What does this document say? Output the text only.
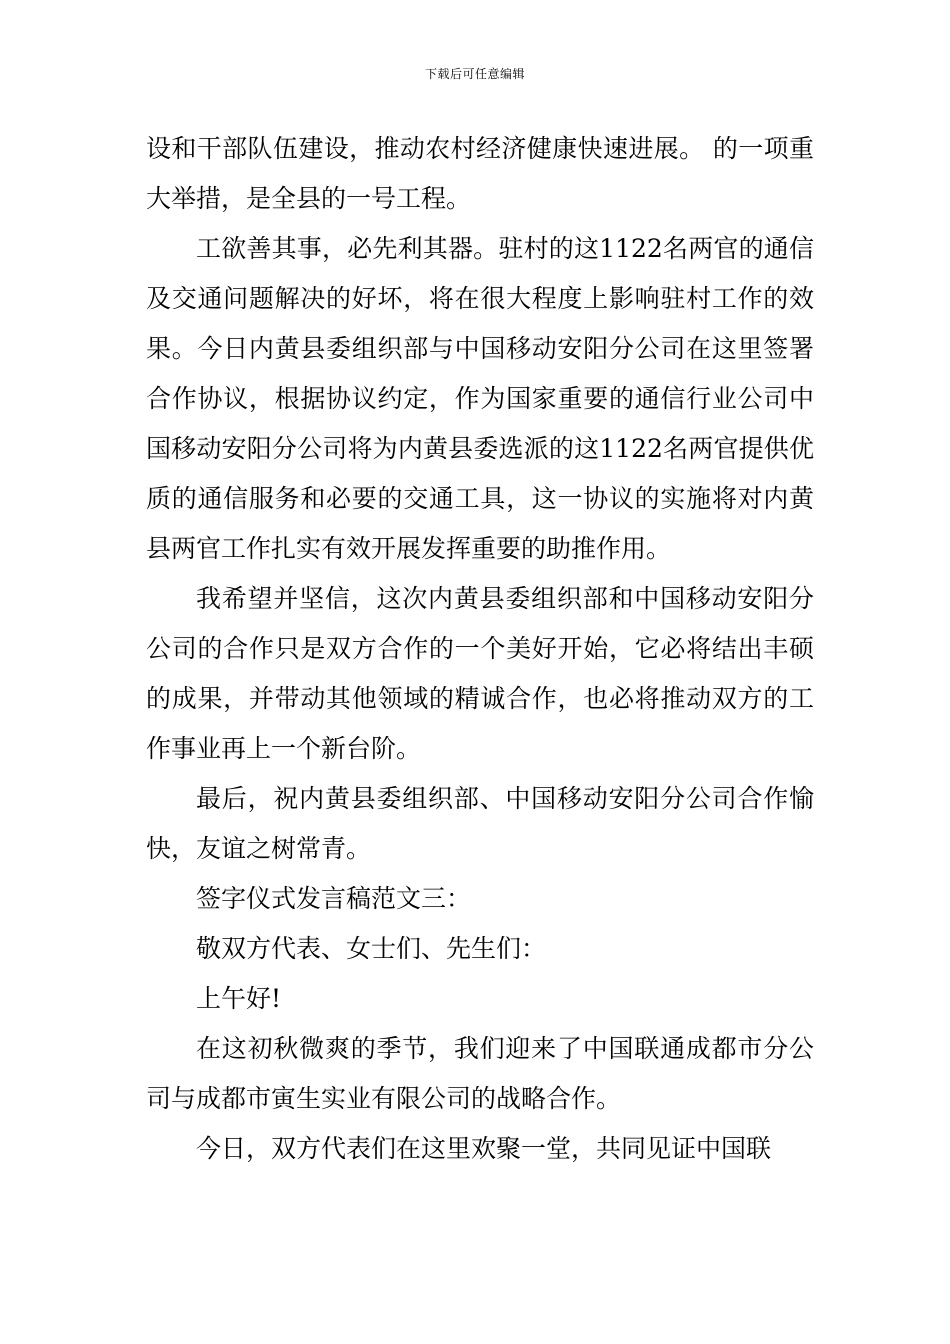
下载后可任意编辑

设和干部队伍建设，推动农村经济健康快速进展。 的一项重大举措，是全县的一号工程。

工欲善其事，必先利其器。驻村的这1122名两官的通信及交通问题解决的好坏，将在很大程度上影响驻村工作的效果。今日内黄县委组织部与中国移动安阳分公司在这里签署合作协议，根据协议约定，作为国家重要的通信行业公司中国移动安阳分公司将为内黄县委选派的这1122名两官提供优质的通信服务和必要的交通工具，这一协议的实施将对内黄县两官工作扎实有效开展发挥重要的助推作用。

我希望并坚信，这次内黄县委组织部和中国移动安阳分公司的合作只是双方合作的一个美好开始，它必将结出丰硕的成果，并带动其他领域的精诚合作，也必将推动双方的工作事业再上一个新台阶。

最后，祝内黄县委组织部、中国移动安阳分公司合作愉快，友谊之树常青。

签字仪式发言稿范文三：

敬双方代表、女士们、先生们：

上午好!

在这初秋微爽的季节，我们迎来了中国联通成都市分公司与成都市寅生实业有限公司的战略合作。

今日，双方代表们在这里欢聚一堂，共同见证中国联
